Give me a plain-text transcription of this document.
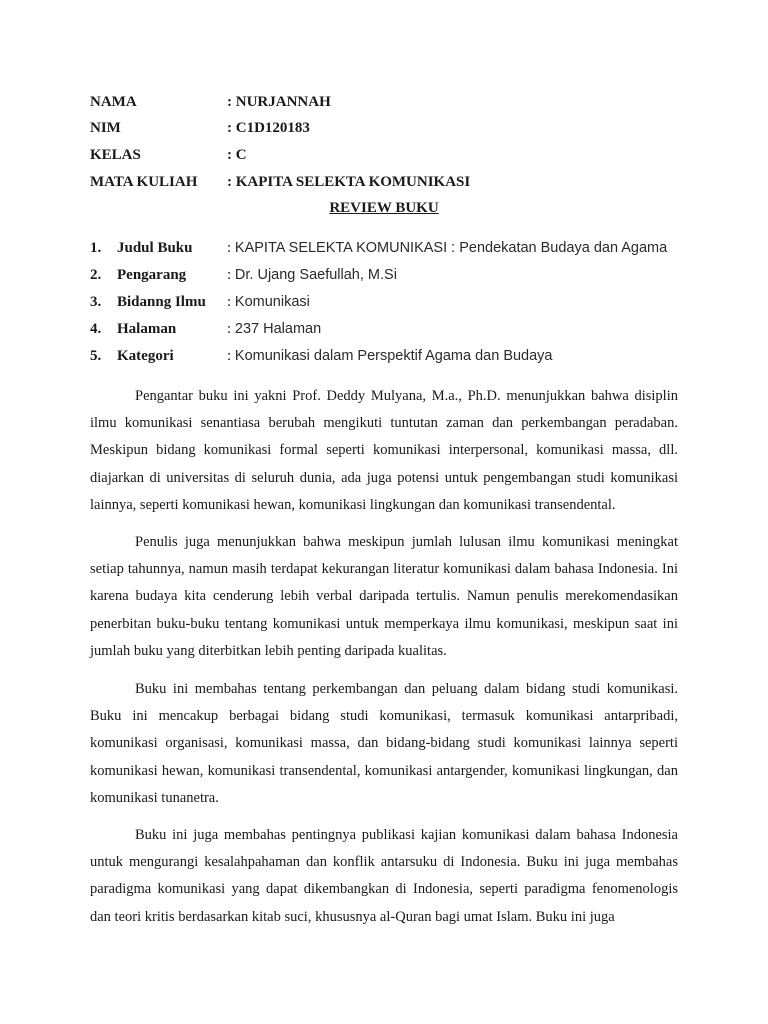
NAMA	: NURJANNAH
NIM	: C1D120183
KELAS	: C
MATA KULIAH : KAPITA SELEKTA KOMUNIKASI
REVIEW BUKU
1. Judul Buku : KAPITA SELEKTA KOMUNIKASI : Pendekatan Budaya dan Agama
2. Pengarang	: Dr. Ujang Saefullah, M.Si
3. Bidanng Ilmu : Komunikasi
4. Halaman	: 237 Halaman
5. Kategori	: Komunikasi dalam Perspektif Agama dan Budaya

Pengantar buku ini yakni Prof. Deddy Mulyana, M.a., Ph.D. menunjukkan bahwa disiplin ilmu komunikasi senantiasa berubah mengikuti tuntutan zaman dan perkembangan peradaban. Meskipun bidang komunikasi formal seperti komunikasi interpersonal, komunikasi massa, dll. diajarkan di universitas di seluruh dunia, ada juga potensi untuk pengembangan studi komunikasi lainnya, seperti komunikasi hewan, komunikasi lingkungan dan komunikasi transendental.

Penulis juga menunjukkan bahwa meskipun jumlah lulusan ilmu komunikasi meningkat setiap tahunnya, namun masih terdapat kekurangan literatur komunikasi dalam bahasa Indonesia. Ini karena budaya kita cenderung lebih verbal daripada tertulis. Namun penulis merekomendasikan penerbitan buku-buku tentang komunikasi untuk memperkaya ilmu komunikasi, meskipun saat ini jumlah buku yang diterbitkan lebih penting daripada kualitas.

Buku ini membahas tentang perkembangan dan peluang dalam bidang studi komunikasi. Buku ini mencakup berbagai bidang studi komunikasi, termasuk komunikasi antarpribadi, komunikasi organisasi, komunikasi massa, dan bidang-bidang studi komunikasi lainnya seperti komunikasi hewan, komunikasi transendental, komunikasi antargender, komunikasi lingkungan, dan komunikasi tunanetra.

Buku ini juga membahas pentingnya publikasi kajian komunikasi dalam bahasa Indonesia untuk mengurangi kesalahpahaman dan konflik antarsuku di Indonesia. Buku ini juga membahas paradigma komunikasi yang dapat dikembangkan di Indonesia, seperti paradigma fenomenologis dan teori kritis berdasarkan kitab suci, khususnya al-Quran bagi umat Islam. Buku ini juga
